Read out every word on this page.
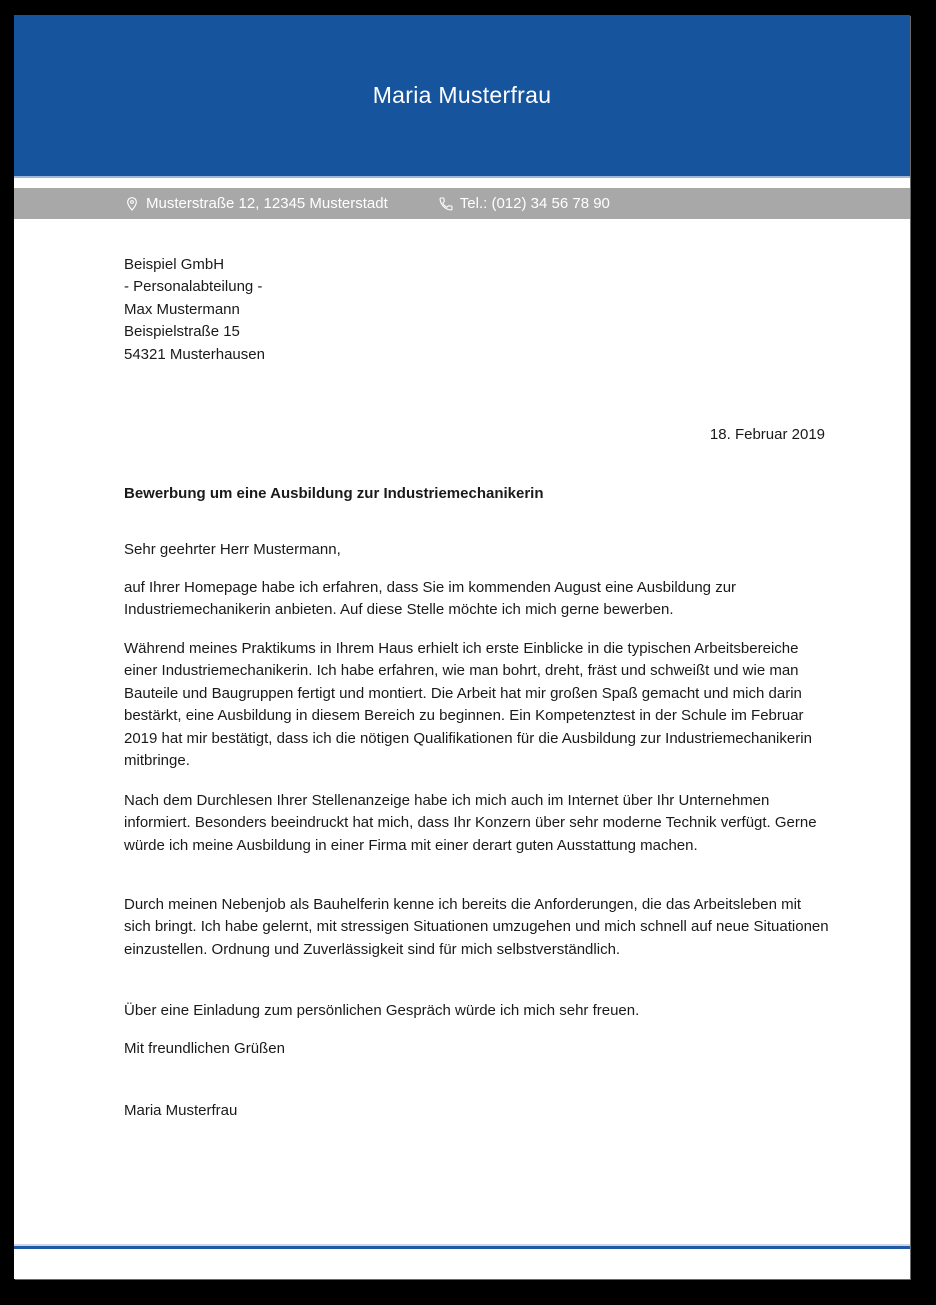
Maria Musterfrau
Musterstraße 12, 12345 Musterstadt	Tel.: (012) 34 56 78 90
Beispiel GmbH
- Personalabteilung -
Max Mustermann
Beispielstraße 15
54321 Musterhausen
18. Februar 2019
Bewerbung um eine Ausbildung zur Industriemechanikerin
Sehr geehrter Herr Mustermann,
auf Ihrer Homepage habe ich erfahren, dass Sie im kommenden August eine Ausbildung zur Industriemechanikerin anbieten. Auf diese Stelle möchte ich mich gerne bewerben.
Während meines Praktikums in Ihrem Haus erhielt ich erste Einblicke in die typischen Arbeitsbereiche einer Industriemechanikerin. Ich habe erfahren, wie man bohrt, dreht, fräst und schweißt und wie man Bauteile und Baugruppen fertigt und montiert. Die Arbeit hat mir großen Spaß gemacht und mich darin bestärkt, eine Ausbildung in diesem Bereich zu beginnen. Ein Kompetenztest in der Schule im Februar 2019 hat mir bestätigt, dass ich die nötigen Qualifikationen für die Ausbildung zur Industriemechanikerin mitbringe.
Nach dem Durchlesen Ihrer Stellenanzeige habe ich mich auch im Internet über Ihr Unternehmen informiert. Besonders beeindruckt hat mich, dass Ihr Konzern über sehr moderne Technik verfügt. Gerne würde ich meine Ausbildung in einer Firma mit einer derart guten Ausstattung machen.
Durch meinen Nebenjob als Bauhelferin kenne ich bereits die Anforderungen, die das Arbeitsleben mit sich bringt. Ich habe gelernt, mit stressigen Situationen umzugehen und mich schnell auf neue Situationen einzustellen. Ordnung und Zuverlässigkeit sind für mich selbstverständlich.
Über eine Einladung zum persönlichen Gespräch würde ich mich sehr freuen.
Mit freundlichen Grüßen
Maria Musterfrau
